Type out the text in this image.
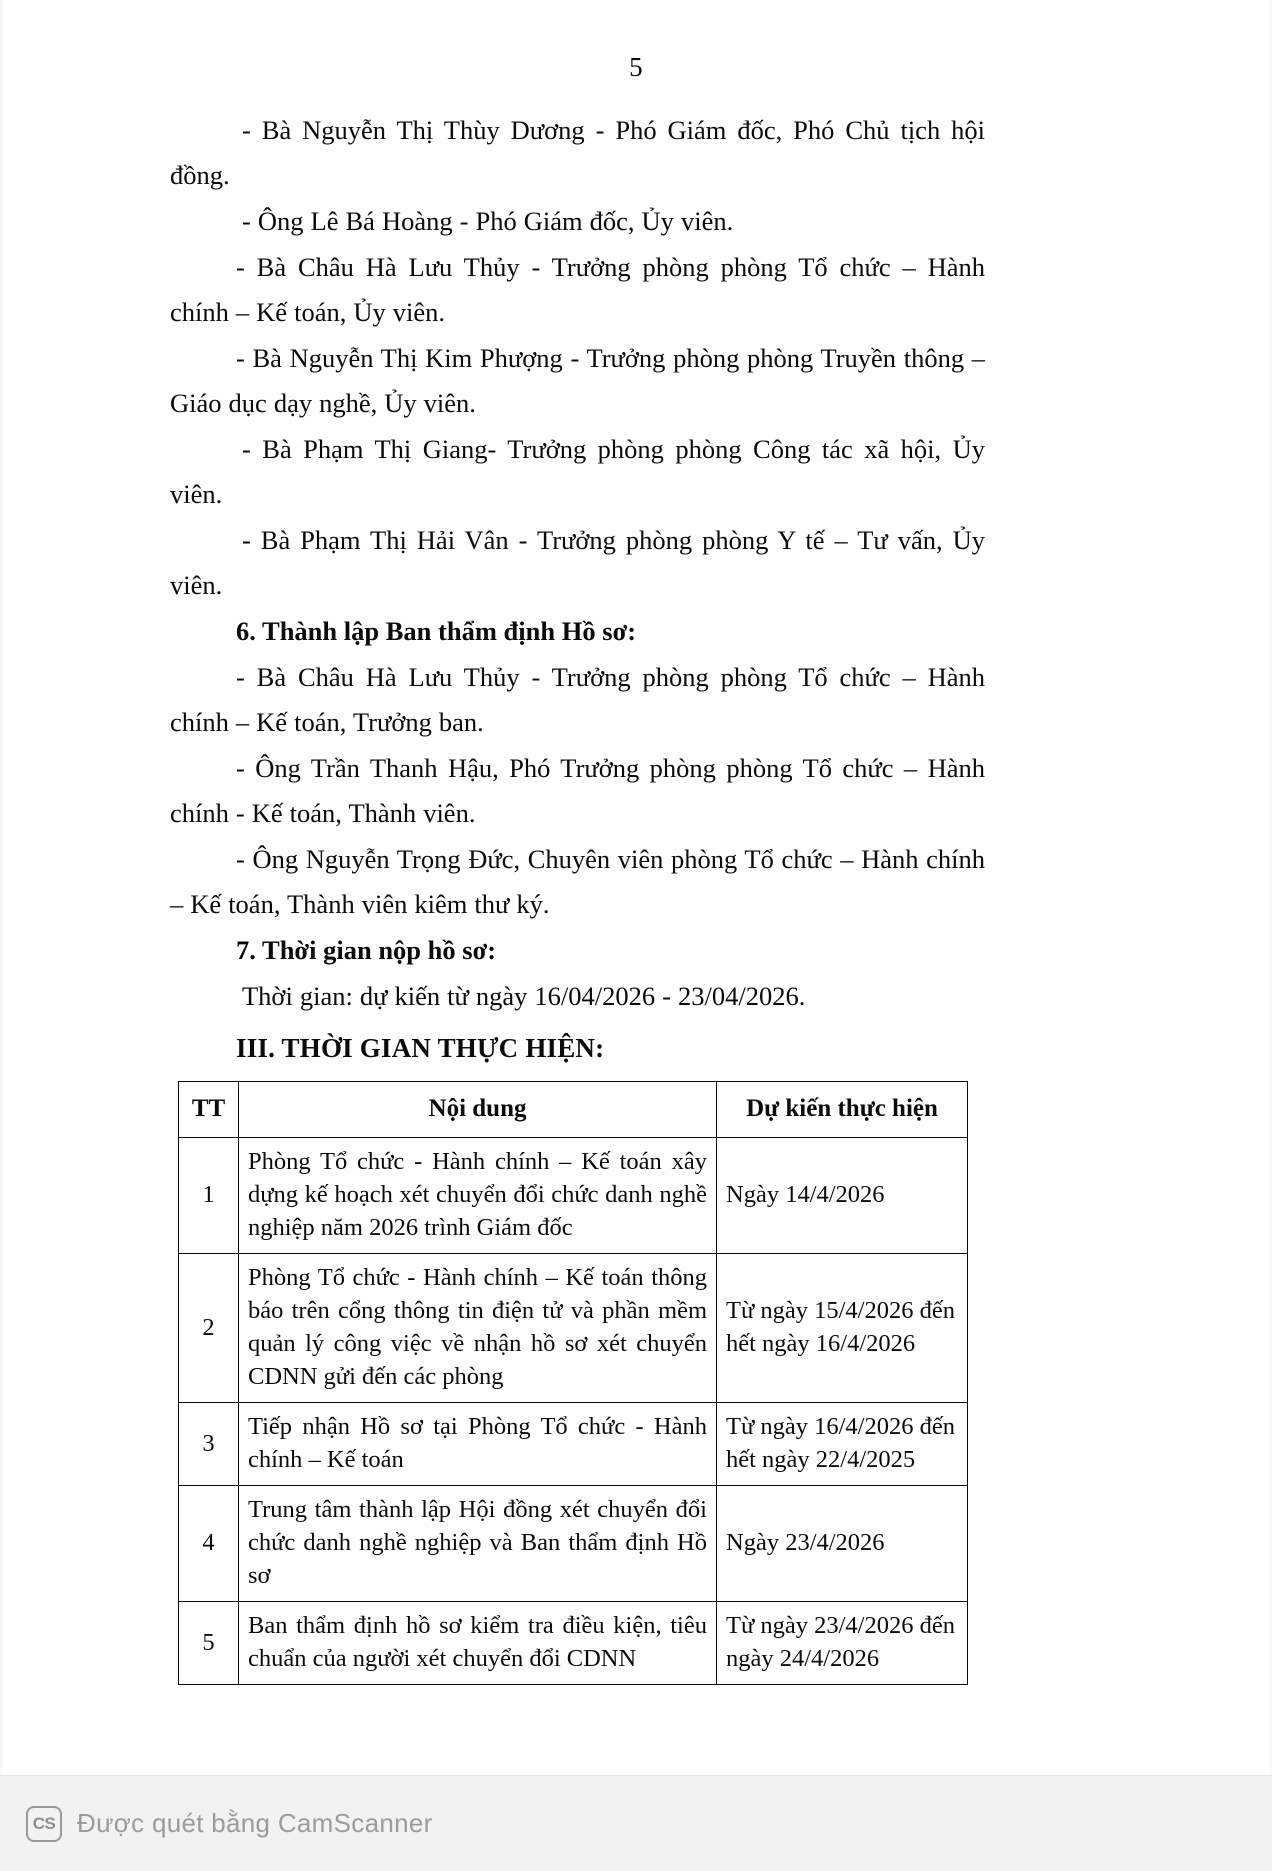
5

- Bà Nguyễn Thị Thùy Dương - Phó Giám đốc, Phó Chủ tịch hội đồng.

- Ông Lê Bá Hoàng - Phó Giám đốc, Ủy viên.

- Bà Châu Hà Lưu Thủy - Trưởng phòng phòng Tổ chức – Hành chính – Kế toán, Ủy viên.

- Bà Nguyễn Thị Kim Phượng - Trưởng phòng phòng Truyền thông – Giáo dục dạy nghề, Ủy viên.

- Bà Phạm Thị Giang- Trưởng phòng phòng Công tác xã hội, Ủy viên.

- Bà Phạm Thị Hải Vân - Trưởng phòng phòng Y tế – Tư vấn, Ủy viên.

6. Thành lập Ban thẩm định Hồ sơ:

- Bà Châu Hà Lưu Thủy - Trưởng phòng phòng Tổ chức – Hành chính – Kế toán, Trưởng ban.

- Ông Trần Thanh Hậu, Phó Trưởng phòng phòng Tổ chức – Hành chính - Kế toán, Thành viên.

- Ông Nguyễn Trọng Đức, Chuyên viên phòng Tổ chức – Hành chính – Kế toán, Thành viên kiêm thư ký.

7. Thời gian nộp hồ sơ:

Thời gian: dự kiến từ ngày 16/04/2026 - 23/04/2026.

III. THỜI GIAN THỰC HIỆN:

TT	Nội dung	Dự kiến thực hiện
1	Phòng Tổ chức - Hành chính – Kế toán xây dựng kế hoạch xét chuyển đổi chức danh nghề nghiệp năm 2026 trình Giám đốc	Ngày 14/4/2026
2	Phòng Tổ chức - Hành chính – Kế toán thông báo trên cổng thông tin điện tử và phần mềm quản lý công việc về nhận hồ sơ xét chuyển CDNN gửi đến các phòng	Từ ngày 15/4/2026 đến hết ngày 16/4/2026
3	Tiếp nhận Hồ sơ tại Phòng Tổ chức - Hành chính – Kế toán	Từ ngày 16/4/2026 đến hết ngày 22/4/2025
4	Trung tâm thành lập Hội đồng xét chuyển đổi chức danh nghề nghiệp và Ban thẩm định Hồ sơ	Ngày 23/4/2026
5	Ban thẩm định hồ sơ kiểm tra điều kiện, tiêu chuẩn của người xét chuyển đổi CDNN	Từ ngày 23/4/2026 đến ngày 24/4/2026
CS Được quét bằng CamScanner
